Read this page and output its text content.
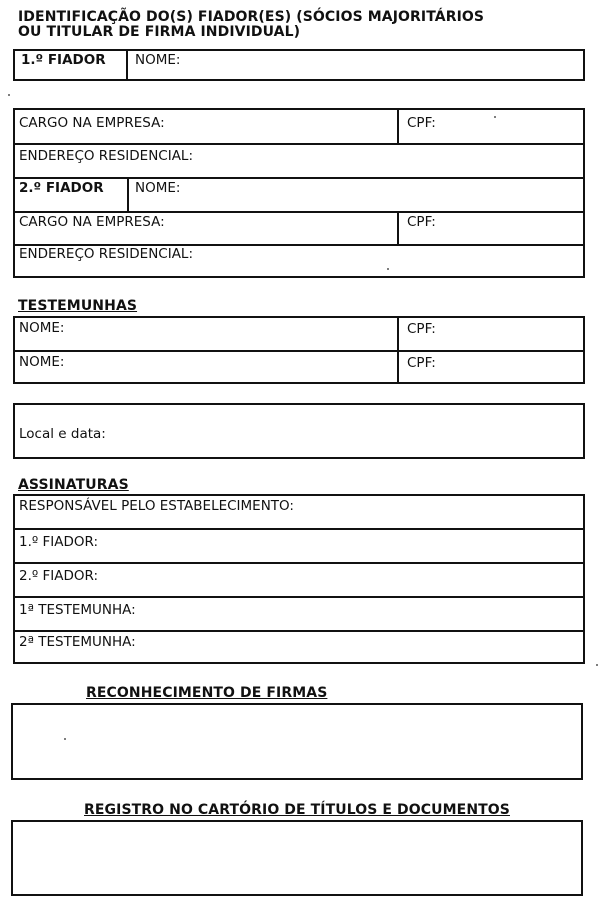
IDENTIFICAÇÃO DO(S) FIADOR(ES) (SÓCIOS MAJORITÁRIOS
OU TITULAR DE FIRMA INDIVIDUAL)
1.º FIADOR NOME:
CARGO NA EMPRESA:	CPF:
ENDEREÇO RESIDENCIAL:
2.º FIADOR NOME:
CARGO NA EMPRESA:	CPF:
ENDEREÇO RESIDENCIAL:
TESTEMUNHAS
NOME:	CPF:
NOME:	CPF:
Local e data:
ASSINATURAS
RESPONSÁVEL PELO ESTABELECIMENTO:
1.º FIADOR:
2.º FIADOR:
1ª TESTEMUNHA:
2ª TESTEMUNHA:
RECONHECIMENTO DE FIRMAS
REGISTRO NO CARTÓRIO DE TÍTULOS E DOCUMENTOS
